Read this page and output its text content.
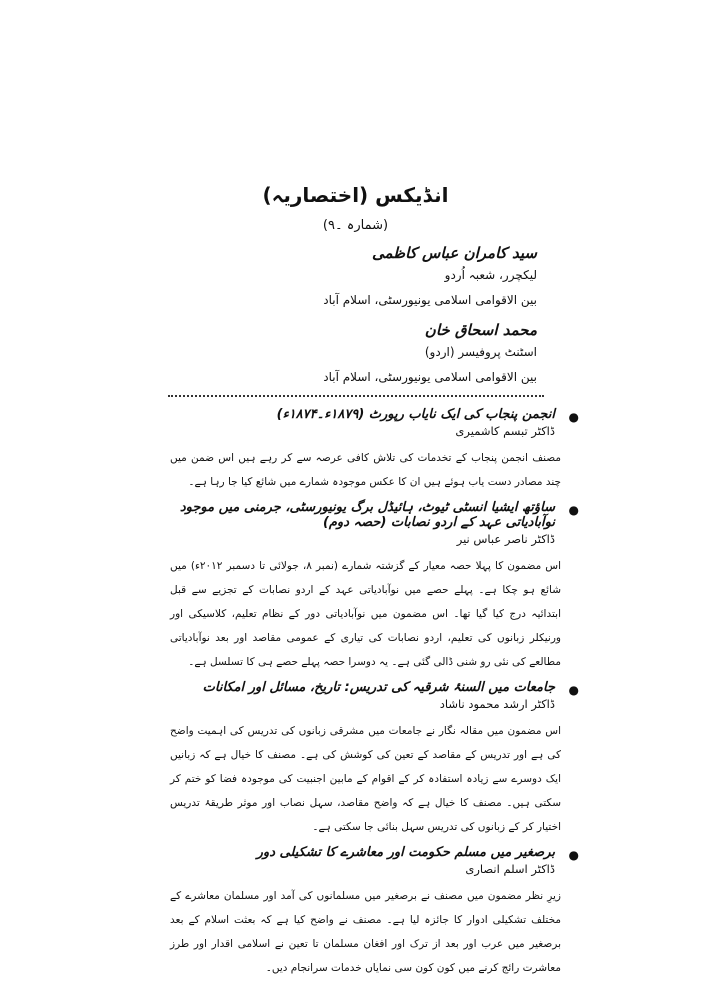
انڈیکس (اختصاریہ)
(شمارہ ۔۹)
سید کامران عباس کاظمی
لیکچرر، شعبہ اُردو
بین الاقوامی اسلامی یونیورسٹی، اسلام آباد
محمد اسحاق خان
اسٹنٹ پروفیسر (اردو)
بین الاقوامی اسلامی یونیورسٹی، اسلام آباد
●
انجمن پنجاب کی ایک نایاب رپورٹ (۱۸۷۹ء۔۱۸۷۴ء)
ڈاکٹر تبسم کاشمیری

مصنف انجمن پنجاب کے تخدمات کی تلاش کافی عرصہ سے کر رہے ہیں اس ضمن میں چند مصادر دست یاب ہوئے ہیں ان کا عکس موجودہ شمارے میں شائع کیا جا رہا ہے۔

●
ساؤتھ ایشیا انسٹی ٹیوٹ، ہائیڈل برگ یونیورسٹی، جرمنی میں موجود نوآبادیاتی عہد کے اردو نصابات (حصہ دوم)
ڈاکٹر ناصر عباس نیر

اس مضمون کا پہلا حصہ معیار کے گزشتہ شمارے (نمبر ۸، جولائی تا دسمبر ۲۰۱۲ء) میں شائع ہو چکا ہے۔ پہلے حصے میں نوآبادیاتی عہد کے اردو نصابات کے تجزیے سے قبل ابتدائیہ درج کیا گیا تھا۔ اس مضمون میں نوآبادیاتی دور کے نظام تعلیم، کلاسیکی اور ورنیکلر زبانوں کی تعلیم، اردو نصابات کی تیاری کے عمومی مقاصد اور بعد نوآبادیاتی مطالعے کی نئی رو شنی ڈالی گئی ہے۔ یہ دوسرا حصہ پہلے حصے ہی کا تسلسل ہے۔

●
جامعات میں السنۂ شرقیہ کی تدریس: تاریخ، مسائل اور امکانات
ڈاکٹر ارشد محمود ناشاد

اس مضمون میں مقالہ نگار نے جامعات میں مشرقی زبانوں کی تدریس کی اہمیت واضح کی ہے اور تدریس کے مقاصد کے تعین کی کوشش کی ہے۔ مصنف کا خیال ہے کہ زبانیں ایک دوسرے سے زیادہ استفادہ کر کے اقوام کے مابین اجنبیت کی موجودہ فضا کو ختم کر سکتی ہیں۔ مصنف کا خیال ہے کہ واضح مقاصد، سہل نصاب اور موثر طریقۂ تدریس اختیار کر کے زبانوں کی تدریس سہل بنائی جا سکتی ہے۔

●
برصغیر میں مسلم حکومت اور معاشرے کا تشکیلی دور
ڈاکٹر اسلم انصاری

زیرِ نظر مضمون میں مصنف نے برصغیر میں مسلمانوں کی آمد اور مسلمان معاشرے کے مختلف تشکیلی ادوار کا جائزہ لیا ہے۔ مصنف نے واضح کیا ہے کہ بعثت اسلام کے بعد برصغیر میں عرب اور بعد از ترک اور افغان مسلمان تا تعین نے اسلامی اقدار اور طرز معاشرت رائج کرنے میں کون کون سی نمایاں خدمات سرانجام دیں۔
